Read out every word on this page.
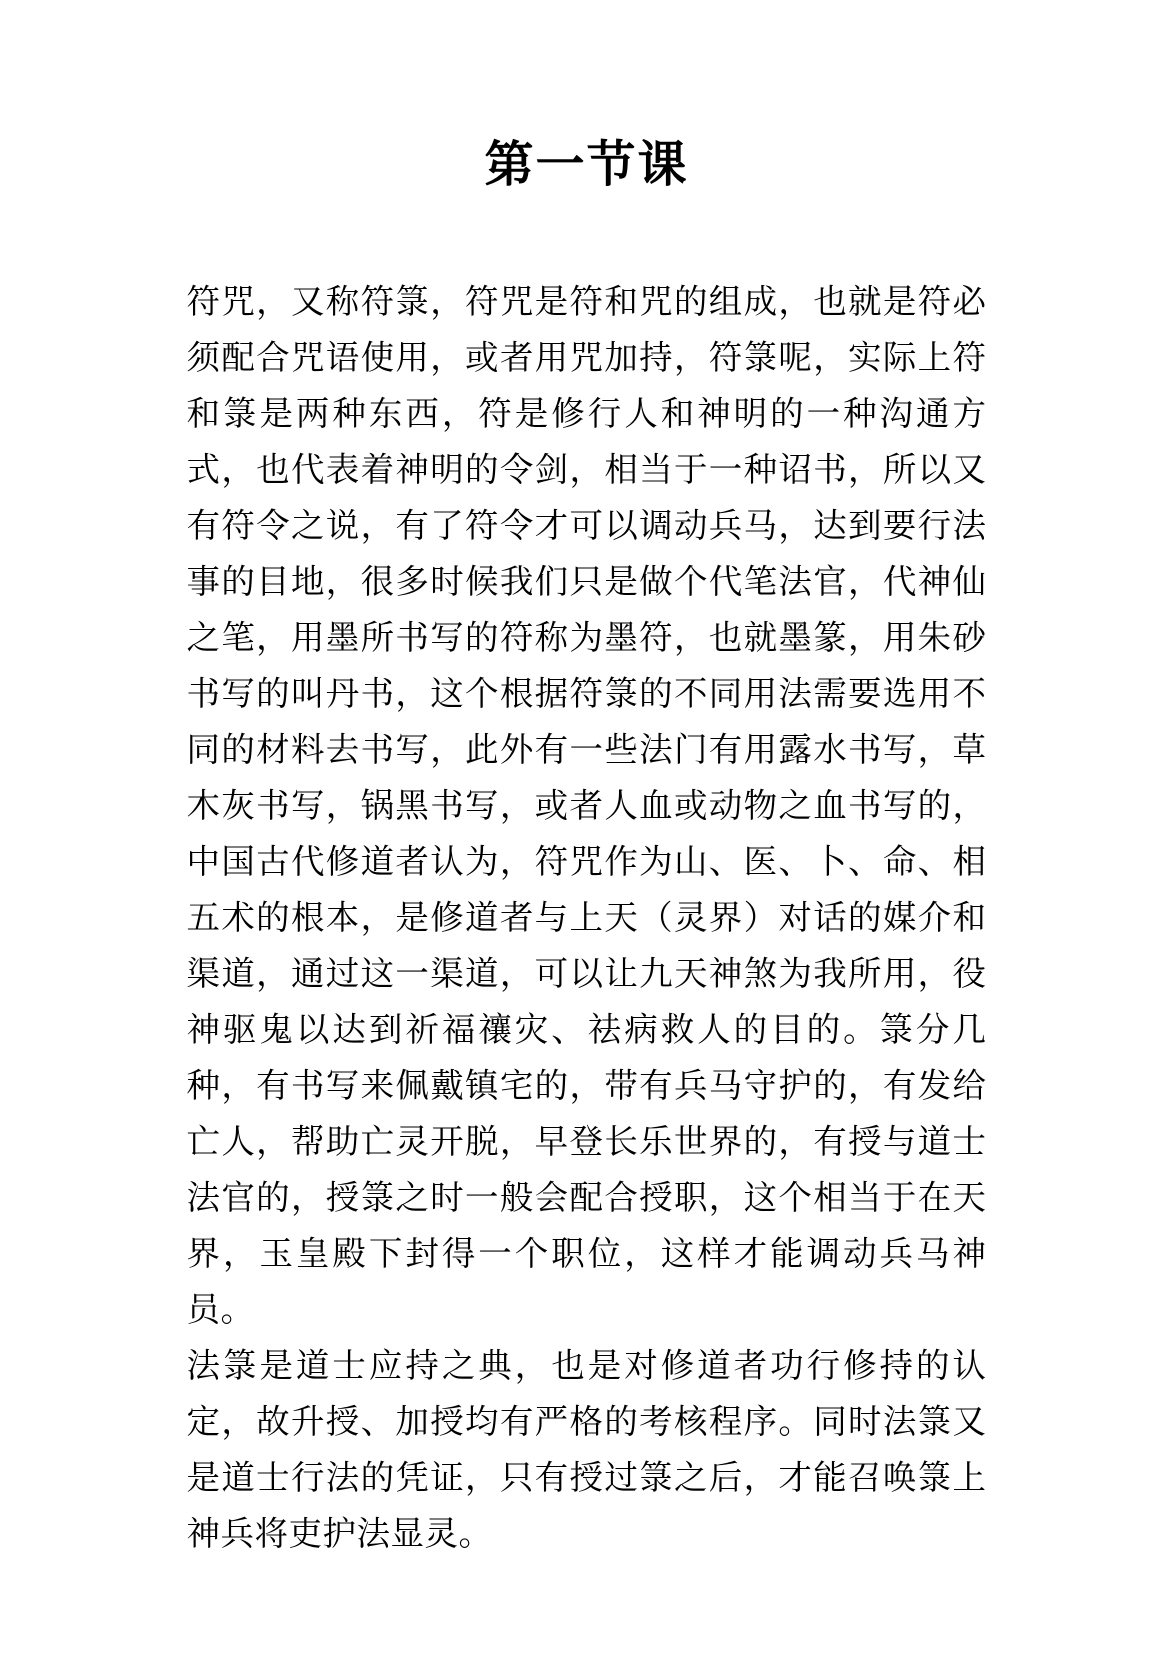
第一节课

符咒，又称符箓，符咒是符和咒的组成，也就是符必须配合咒语使用，或者用咒加持，符箓呢，实际上符和箓是两种东西，符是修行人和神明的一种沟通方式，也代表着神明的令剑，相当于一种诏书，所以又有符令之说，有了符令才可以调动兵马，达到要行法事的目地，很多时候我们只是做个代笔法官，代神仙之笔，用墨所书写的符称为墨符，也就墨篆，用朱砂书写的叫丹书，这个根据符箓的不同用法需要选用不同的材料去书写，此外有一些法门有用露水书写，草木灰书写，锅黑书写，或者人血或动物之血书写的，中国古代修道者认为，符咒作为山、医、卜、命、相五术的根本，是修道者与上天（灵界）对话的媒介和渠道，通过这一渠道，可以让九天神煞为我所用，役神驱鬼以达到祈福禳灾、祛病救人的目的。箓分几种，有书写来佩戴镇宅的，带有兵马守护的，有发给亡人，帮助亡灵开脱，早登长乐世界的，有授与道士法官的，授箓之时一般会配合授职，这个相当于在天界，玉皇殿下封得一个职位，这样才能调动兵马神员。

法箓是道士应持之典，也是对修道者功行修持的认定，故升授、加授均有严格的考核程序。同时法箓又是道士行法的凭证，只有授过箓之后，才能召唤箓上神兵将吏护法显灵。
